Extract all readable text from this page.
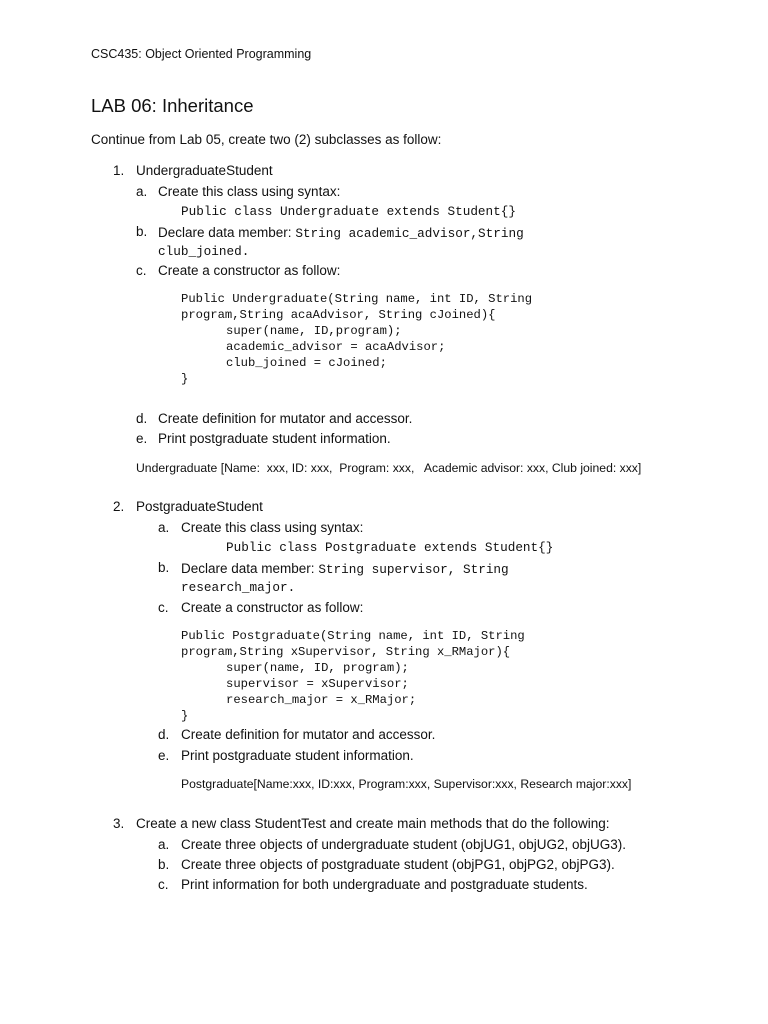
CSC435: Object Oriented Programming
LAB 06: Inheritance
Continue from Lab 05, create two (2) subclasses as follow:
1. UndergraduateStudent
a. Create this class using syntax:
Public class Undergraduate extends Student{}
b. Declare data member: String academic_advisor,String
club_joined.
c. Create a constructor as follow:
Public Undergraduate(String name, int ID, String
program,String acaAdvisor, String cJoined){
super(name, ID,program);
academic_advisor = acaAdvisor;
club_joined = cJoined;
}
d. Create definition for mutator and accessor.
e. Print postgraduate student information.
Undergraduate [Name:  xxx, ID: xxx,  Program: xxx,   Academic advisor: xxx, Club joined: xxx]
2. PostgraduateStudent
a. Create this class using syntax:
Public class Postgraduate extends Student{}
b. Declare data member: String supervisor, String
research_major.
c. Create a constructor as follow:
Public Postgraduate(String name, int ID, String
program,String xSupervisor, String x_RMajor){
super(name, ID, program);
supervisor = xSupervisor;
research_major = x_RMajor;
}
d. Create definition for mutator and accessor.
e. Print postgraduate student information.
Postgraduate[Name:xxx, ID:xxx, Program:xxx, Supervisor:xxx, Research major:xxx]
3. Create a new class StudentTest and create main methods that do the following:
a. Create three objects of undergraduate student (objUG1, objUG2, objUG3).
b. Create three objects of postgraduate student (objPG1, objPG2, objPG3).
c. Print information for both undergraduate and postgraduate students.
